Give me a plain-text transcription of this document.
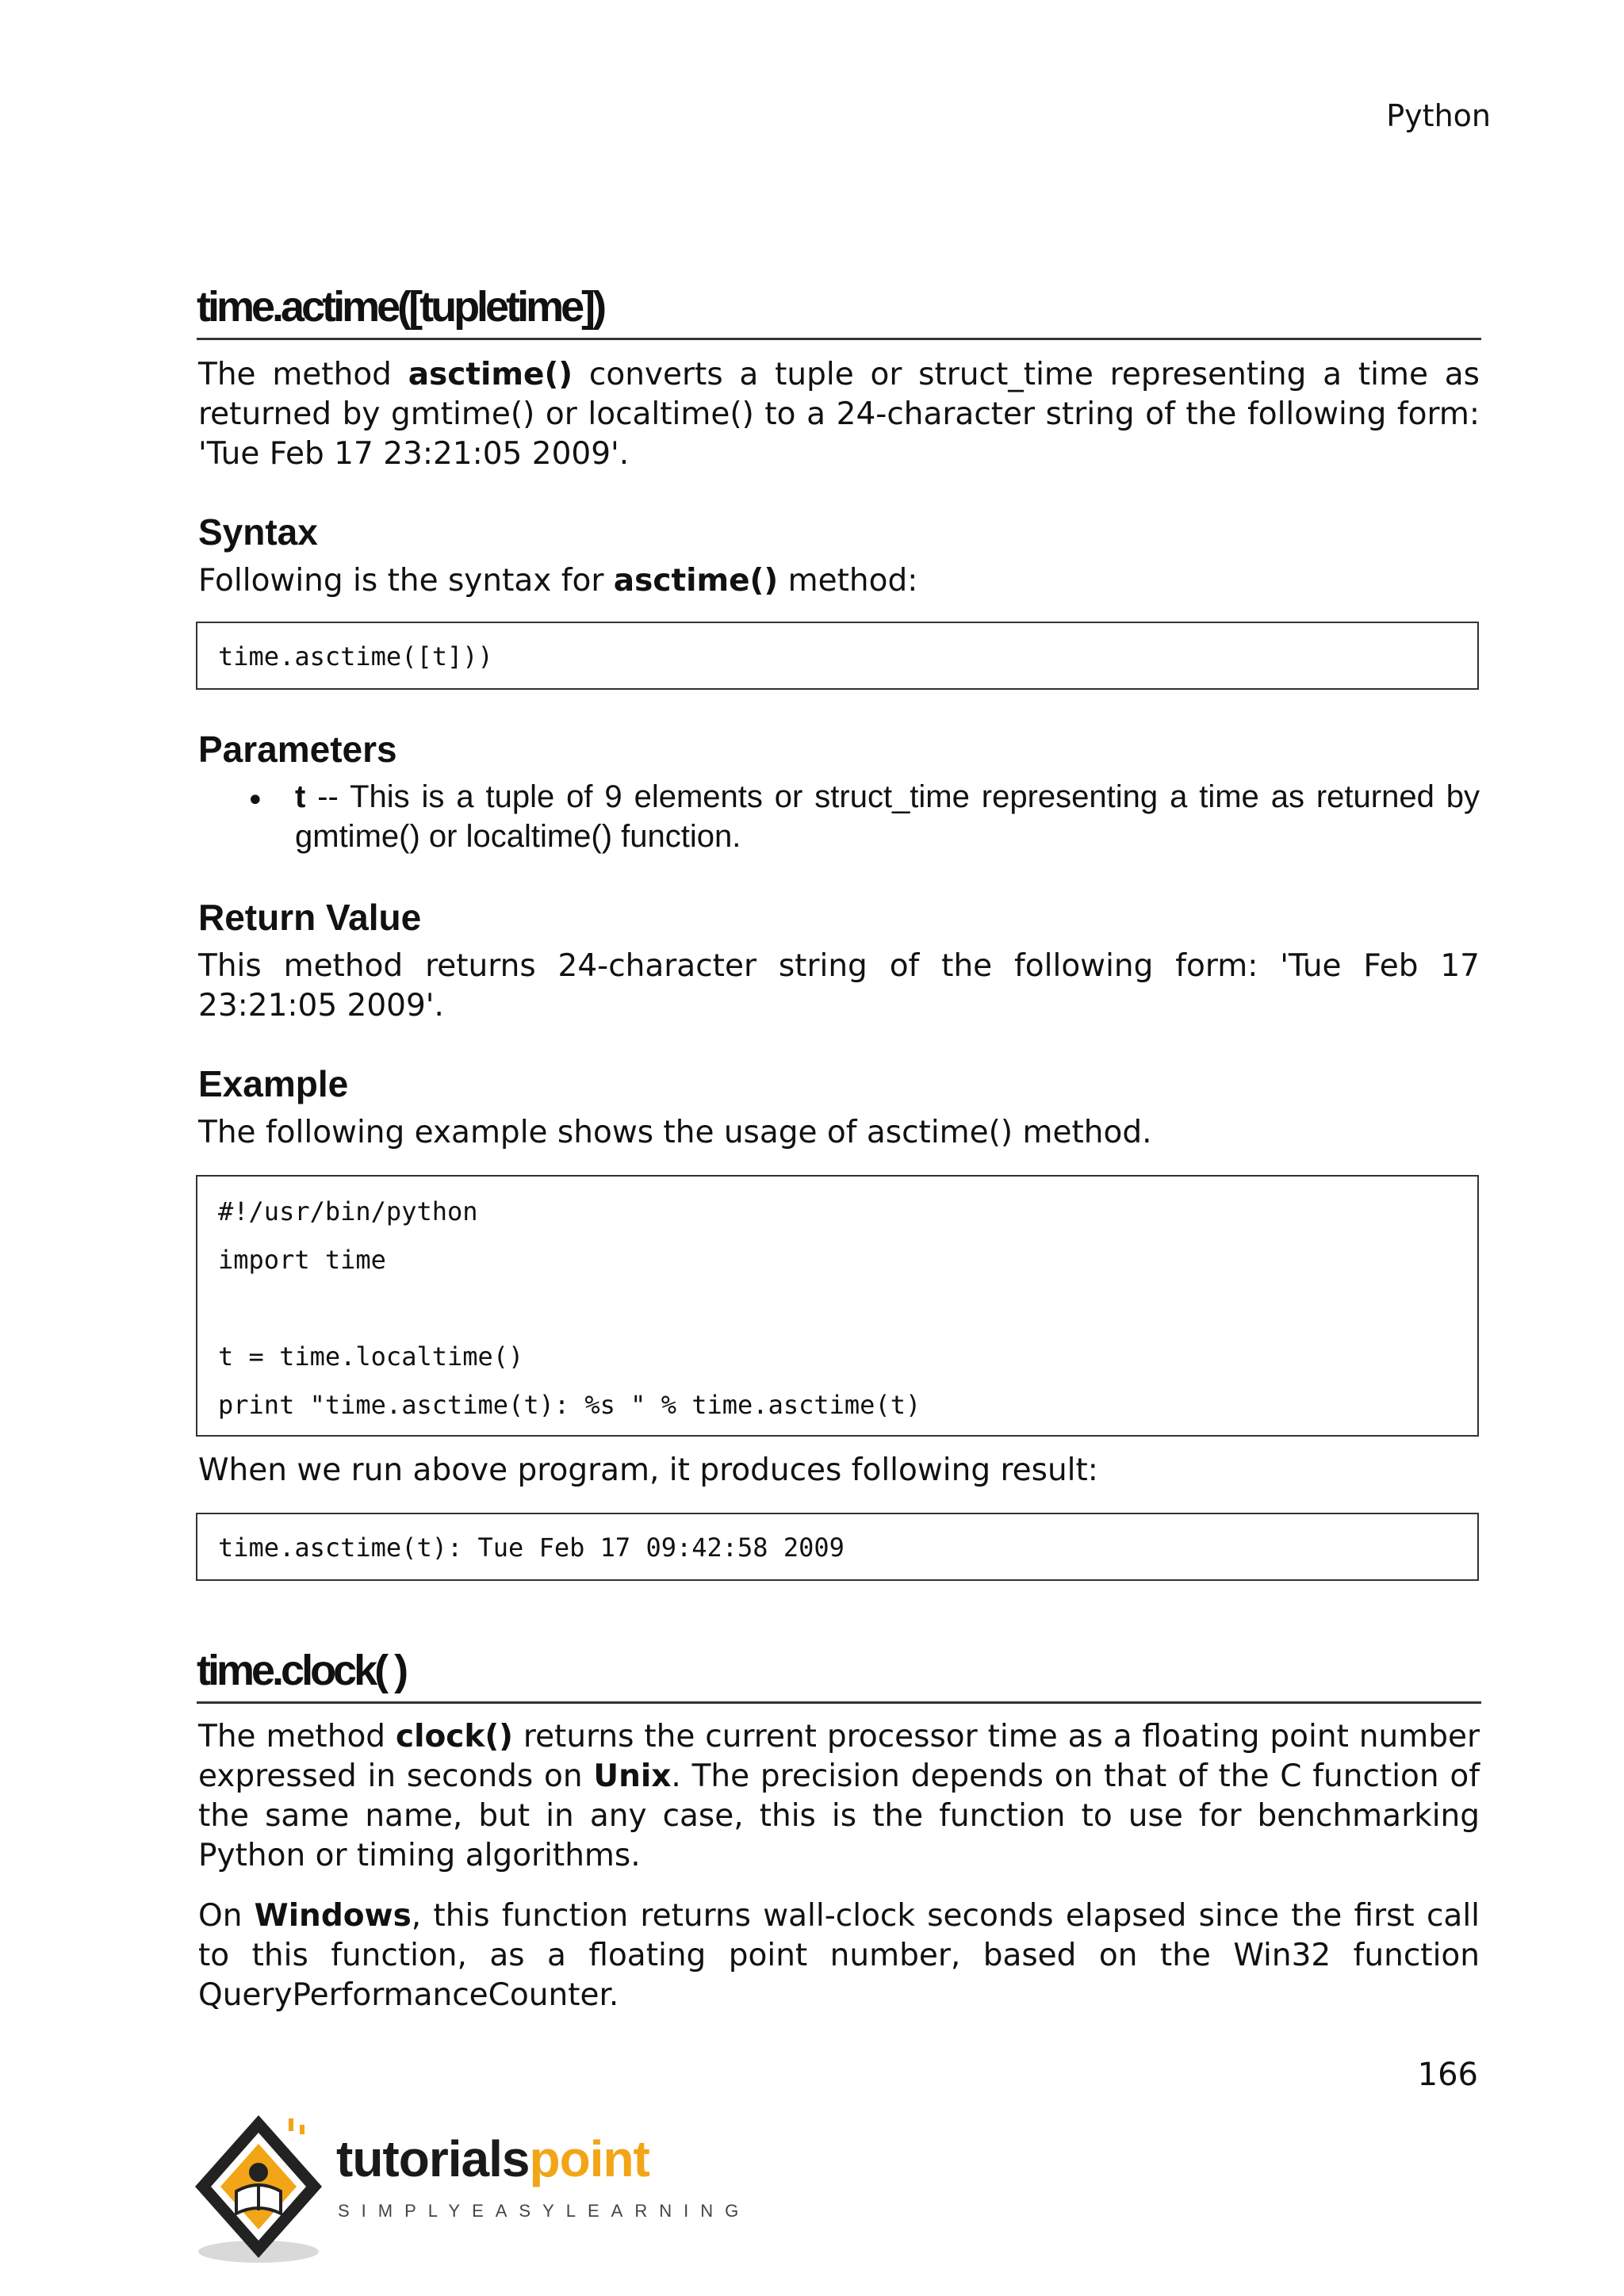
Python
time.actime([tupletime])
The method asctime() converts a tuple or struct_time representing a time as returned by gmtime() or localtime() to a 24-character string of the following form: 'Tue Feb 17 23:21:05 2009'.
Syntax
Following is the syntax for asctime() method:
time.asctime([t]))
Parameters
• t -- This is a tuple of 9 elements or struct_time representing a time as returned by gmtime() or localtime() function.
Return Value
This method returns 24-character string of the following form: 'Tue Feb 17 23:21:05 2009'.
Example
The following example shows the usage of asctime() method.
#!/usr/bin/python
import time
t = time.localtime()
print "time.asctime(t): %s " % time.asctime(t)
When we run above program, it produces following result:
time.asctime(t): Tue Feb 17 09:42:58 2009
time.clock( )
The method clock() returns the current processor time as a floating point number expressed in seconds on Unix. The precision depends on that of the C function of the same name, but in any case, this is the function to use for benchmarking Python or timing algorithms.
On Windows, this function returns wall-clock seconds elapsed since the first call to this function, as a floating point number, based on the Win32 function QueryPerformanceCounter.
166
tutorialspoint
SIMPLYEASYLEARNING
